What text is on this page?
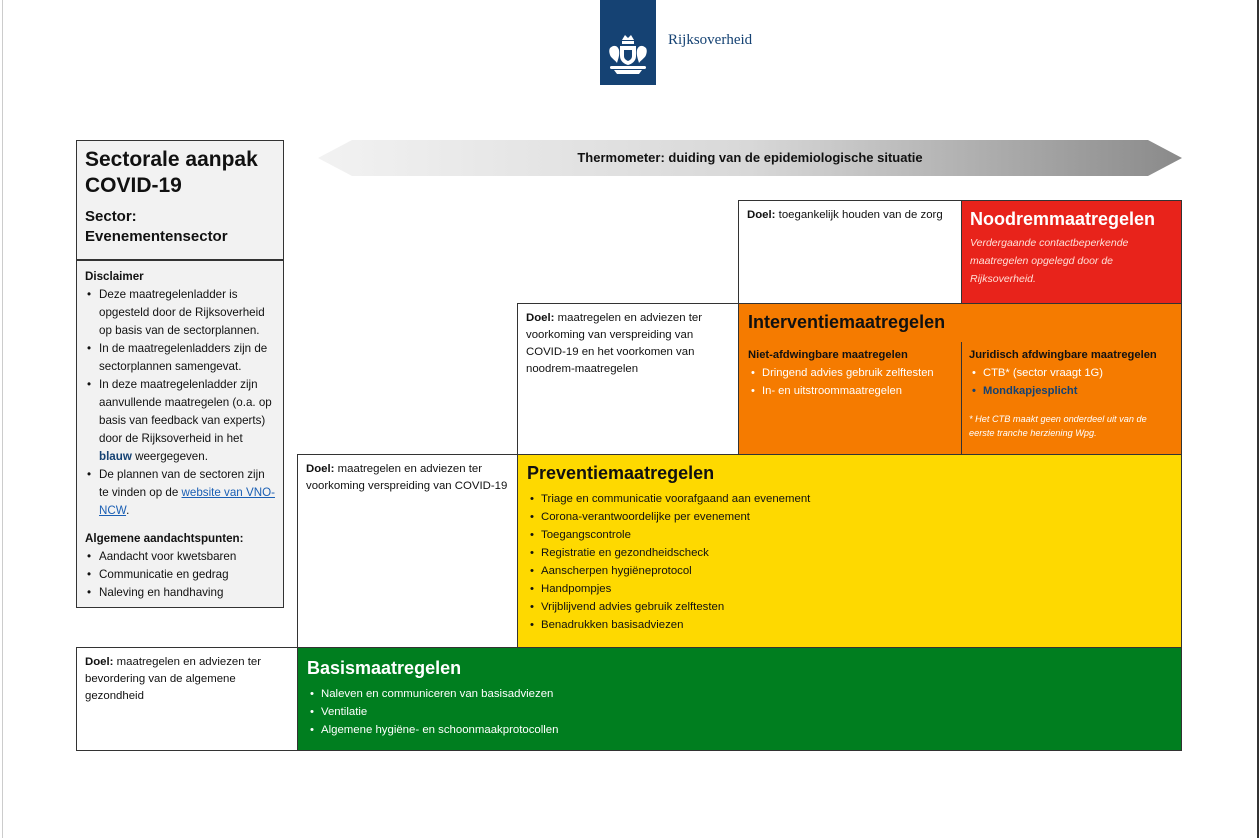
Rijksoverheid
Sectorale aanpak COVID-19
Sector:
Evenementensector
Disclaimer
• Deze maatregelenladder is opgesteld door de Rijksoverheid op basis van de sectorplannen.
• In de maatregelenladders zijn de sectorplannen samengevat.
• In deze maatregelenladder zijn aanvullende maatregelen (o.a. op basis van feedback van experts) door de Rijksoverheid in het blauw weergegeven.
• De plannen van de sectoren zijn te vinden op de website van VNO-NCW.
Algemene aandachtspunten:
• Aandacht voor kwetsbaren
• Communicatie en gedrag
• Naleving en handhaving
Thermometer: duiding van de epidemiologische situatie
Doel: toegankelijk houden van de zorg
Doel: maatregelen en adviezen ter voorkoming van verspreiding van COVID-19 en het voorkomen van noodrem-maatregelen
Doel: maatregelen en adviezen ter voorkoming verspreiding van COVID-19
Doel: maatregelen en adviezen ter bevordering van de algemene gezondheid
Noodremmaatregelen
Verdergaande contactbeperkende maatregelen opgelegd door de Rijksoverheid.
Interventiemaatregelen
Niet-afdwingbare maatregelen
• Dringend advies gebruik zelftesten
• In- en uitstroommaatregelen
Juridisch afdwingbare maatregelen
• CTB* (sector vraagt 1G)
• Mondkapjesplicht
* Het CTB maakt geen onderdeel uit van de eerste tranche herziening Wpg.
Preventiemaatregelen
• Triage en communicatie voorafgaand aan evenement
• Corona-verantwoordelijke per evenement
• Toegangscontrole
• Registratie en gezondheidscheck
• Aanscherpen hygiëneprotocol
• Handpompjes
• Vrijblijvend advies gebruik zelftesten
• Benadrukken basisadviezen
Basismaatregelen
• Naleven en communiceren van basisadviezen
• Ventilatie
• Algemene hygiëne- en schoonmaakprotocollen
